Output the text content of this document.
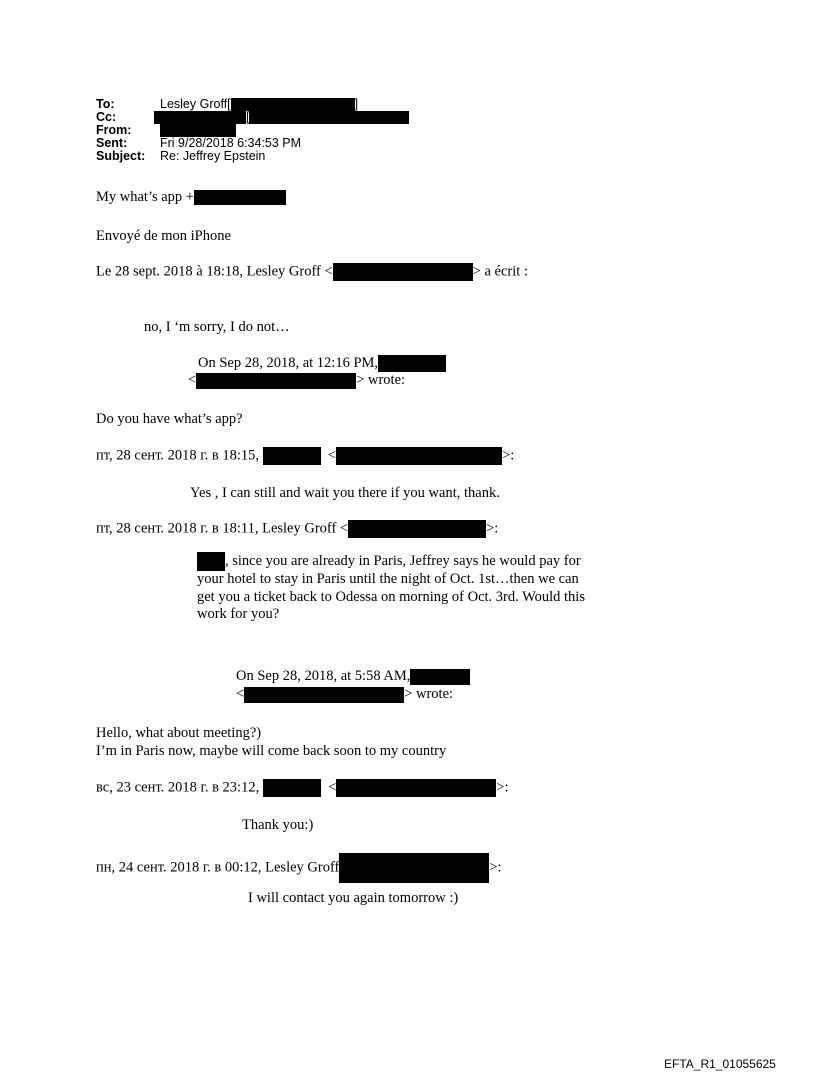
To:	Lesley Groff[	]
Cc:	[
From:
Sent:	Fri 9/28/2018 6:34:53 PM
Subject: Re: Jeffrey Epstein
My what’s app +
Envoyé de mon iPhone
Le 28 sept. 2018 à 18:18, Lesley Groff <	> a écrit :
no, I ‘m sorry, I do not…
On Sep 28, 2018, at 12:16 PM,
<	> wrote:
Do you have what’s app?
пт, 28 сент. 2018 г. в 18:15,	<	>:
Yes , I can still and wait you there if you want, thank.
пт, 28 сент. 2018 г. в 18:11, Lesley Groff <	>:
, since you are already in Paris, Jeffrey says he would pay for
your hotel to stay in Paris until the night of Oct. 1st…then we can
get you a ticket back to Odessa on morning of Oct. 3rd. Would this
work for you?
On Sep 28, 2018, at 5:58 AM,
<	> wrote:
Hello, what about meeting?)
I’m in Paris now, maybe will come back soon to my country
вс, 23 сент. 2018 г. в 23:12,	<	>:
Thank you:)
пн, 24 сент. 2018 г. в 00:12, Lesley Groff	>:
I will contact you again tomorrow :)
EFTA_R1_01055625
